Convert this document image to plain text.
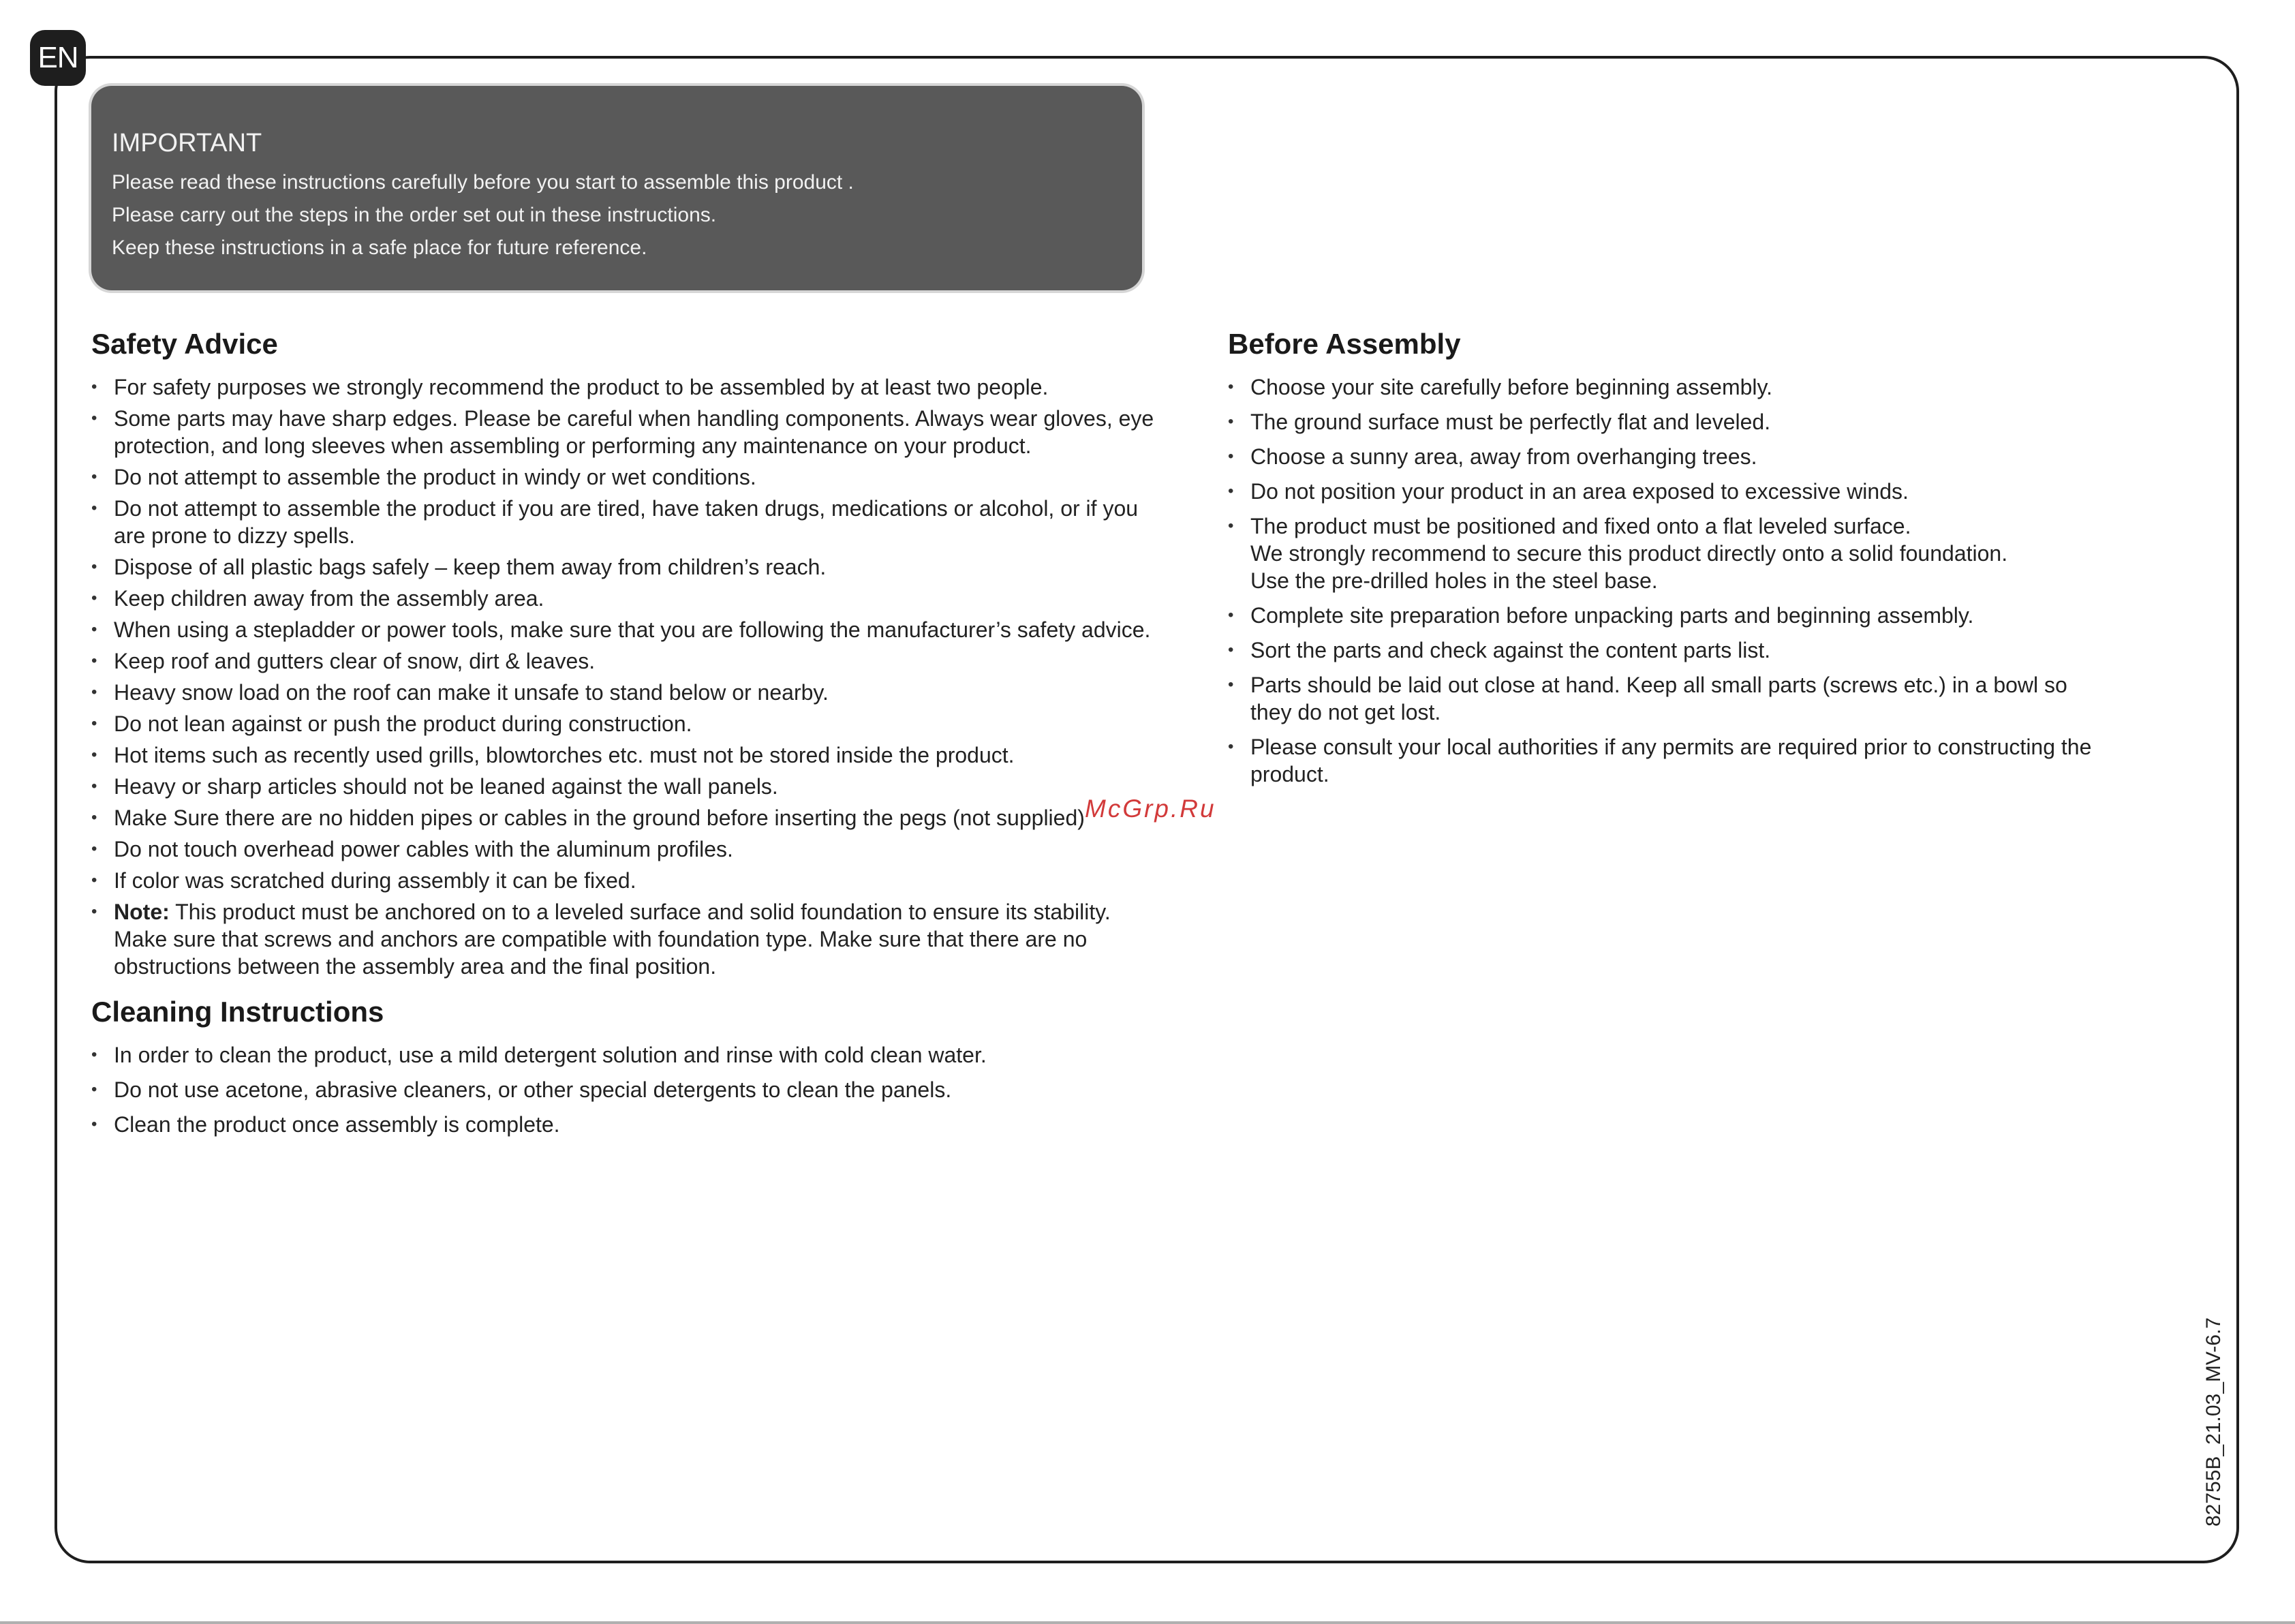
EN
IMPORTANT

Please read these instructions carefully before you start to assemble this product .

Please carry out the steps in the order set out in these instructions.

Keep these instructions in a safe place for future reference.

Safety Advice
• For safety purposes we strongly recommend the product to be assembled by at least two people.
• Some parts may have sharp edges. Please be careful when handling components. Always wear gloves, eye protection, and long sleeves when assembling or performing any maintenance on your product.
• Do not attempt to assemble the product in windy or wet conditions.
• Do not attempt to assemble the product if you are tired, have taken drugs, medications or alcohol, or if you are prone to dizzy spells.
• Dispose of all plastic bags safely – keep them away from children’s reach.
• Keep children away from the assembly area.
• When using a stepladder or power tools, make sure that you are following the manufacturer’s safety advice.
• Keep roof and gutters clear of snow, dirt & leaves.
• Heavy snow load on the roof can make it unsafe to stand below or nearby.
• Do not lean against or push the product during construction.
• Hot items such as recently used grills, blowtorches etc. must not be stored inside the product.
• Heavy or sharp articles should not be leaned against the wall panels.
• Make Sure there are no hidden pipes or cables in the ground before inserting the pegs (not supplied)
• Do not touch overhead power cables with the aluminum profiles.
• If color was scratched during assembly it can be fixed.
• Note: This product must be anchored on to a leveled surface and solid foundation to ensure its stability.
Make sure that screws and anchors are compatible with foundation type. Make sure that there are no obstructions between the assembly area and the final position.
Cleaning Instructions
• In order to clean the product, use a mild detergent solution and rinse with cold clean water.
• Do not use acetone, abrasive cleaners, or other special detergents to clean the panels.
• Clean the product once assembly is complete.
Before Assembly
• Choose your site carefully before beginning assembly.
• The ground surface must be perfectly flat and leveled.
• Choose a sunny area, away from overhanging trees.
• Do not position your product in an area exposed to excessive winds.
• The product must be positioned and fixed onto a flat leveled surface.
We strongly recommend to secure this product directly onto a solid foundation.
Use the pre-drilled holes in the steel base.
• Complete site preparation before unpacking parts and beginning assembly.
• Sort the parts and check against the content parts list.
• Parts should be laid out close at hand. Keep all small parts (screws etc.) in a bowl so they do not get lost.
• Please consult your local authorities if any permits are required prior to constructing the product.
McGrp.Ru
82755B_21.03_MV-6.7
